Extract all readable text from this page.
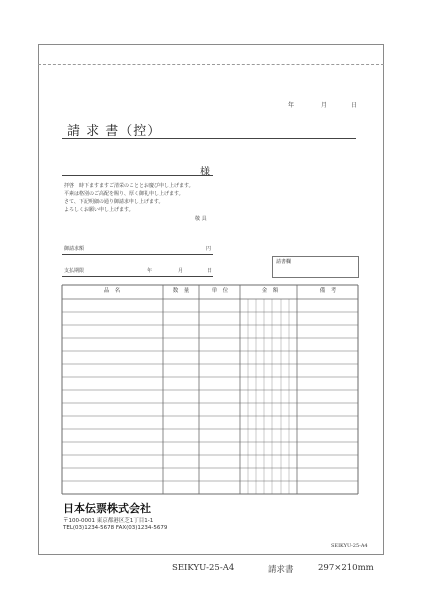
年	月	日
請 求 書（控）
様
拝啓　時下ますますご清栄のこととお慶び申し上げます。
平素は格別のご高配を賜り、厚く御礼申し上げます。
さて、下記明細の通り御請求申し上げます。
よろしくお願い申し上げます。
敬 具
御請求額	円
支払期限	年	月	日
請書欄
品　名	数　量	単　位	金　額	備　考
日本伝票株式会社
〒100-0001 東京都港区芝1丁目1-1
TEL(03)1234-5678 FAX(03)1234-5679
SEIKYU-25-A4
SEIKYU-25-A4	請求書	297×210mm
